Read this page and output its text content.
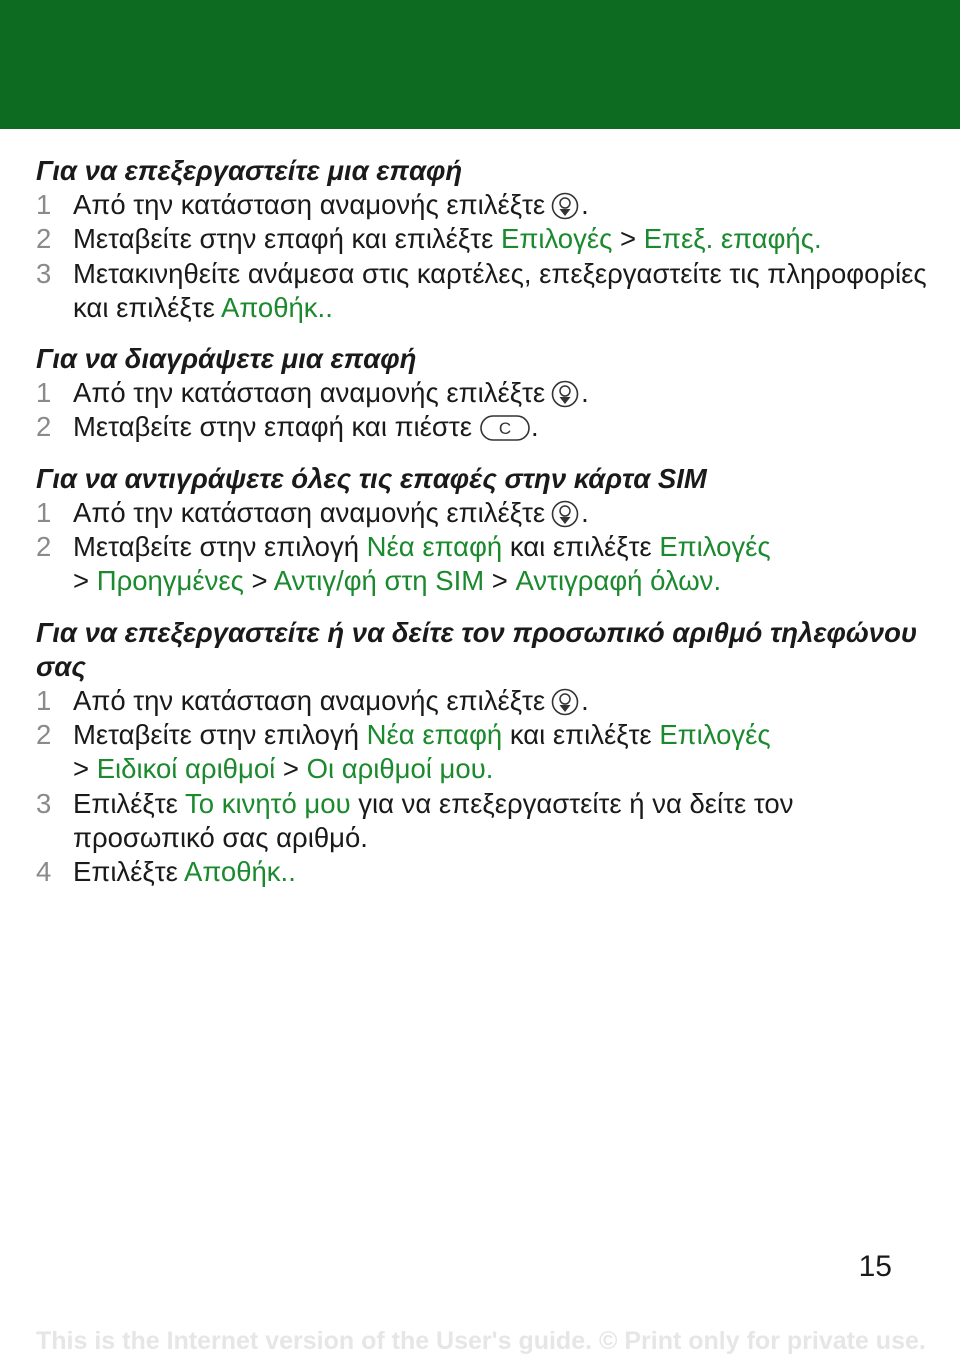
Για να επεξεργαστείτε μια επαφή
1 Από την κατάσταση αναμονής επιλέξτε .
2 Μεταβείτε στην επαφή και επιλέξτε Επιλογές > Επεξ. επαφής.
3 Μετακινηθείτε ανάμεσα στις καρτέλες, επεξεργαστείτε τις πληροφορίες και επιλέξτε Αποθήκ..
Για να διαγράψετε μια επαφή
1 Από την κατάσταση αναμονής επιλέξτε .
2 Μεταβείτε στην επαφή και πιέστε C .
Για να αντιγράψετε όλες τις επαφές στην κάρτα SIM
1 Από την κατάσταση αναμονής επιλέξτε .
2 Μεταβείτε στην επιλογή Νέα επαφή και επιλέξτε Επιλογές
> Προηγμένες > Αντιγ/φή στη SIM > Αντιγραφή όλων.
Για να επεξεργαστείτε ή να δείτε τον προσωπικό αριθμό τηλεφώνου σας
1 Από την κατάσταση αναμονής επιλέξτε .
2 Μεταβείτε στην επιλογή Νέα επαφή και επιλέξτε Επιλογές
> Ειδικοί αριθμοί > Οι αριθμοί μου.
3 Επιλέξτε Το κινητό μου για να επεξεργαστείτε ή να δείτε τον προσωπικό σας αριθμό.
4 Επιλέξτε Αποθήκ..
15
This is the Internet version of the User's guide. © Print only for private use.
